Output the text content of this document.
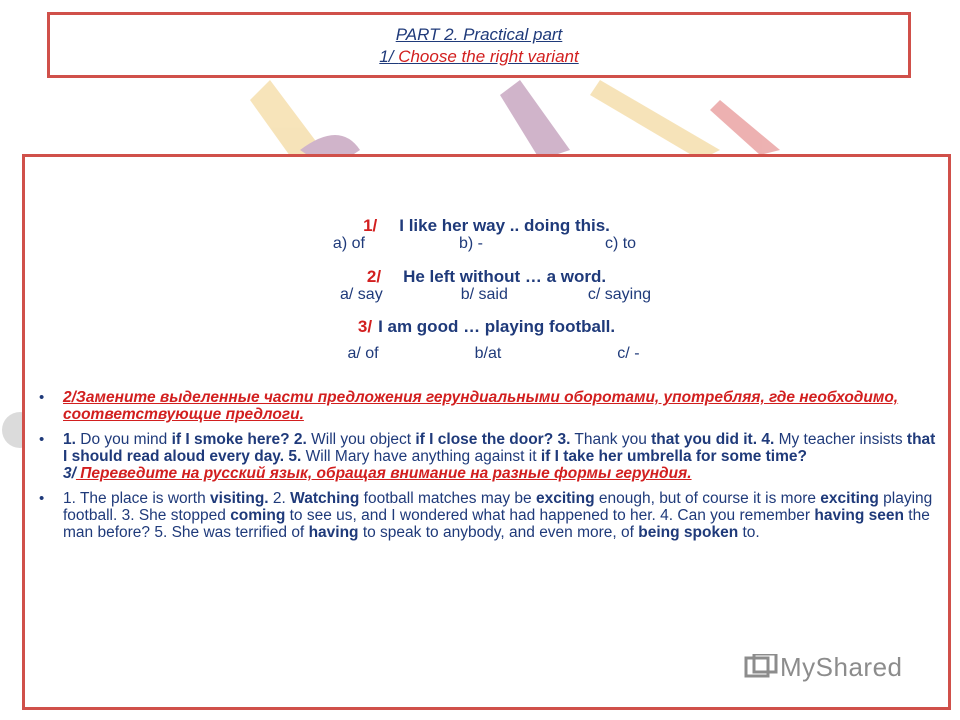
PART 2. Practical part
1/ Choose the right variant
1/ I like her way .. doing this.
a) of	b) -	c) to
2/ He left without … a word.
a/ say	b/ said	c/ saying
3/ I am good … playing football.
a/ of	b/at	c/ -
• 2/Замените выделенные части предложения герундиальными оборотами, употребляя, где необходимо, соответствующие предлоги.
• 1. Do you mind if I smoke here? 2. Will you object if I close the door? 3. Thank you that you did it. 4. My teacher insists that I should read aloud every day. 5. Will Mary have anything against it if I take her umbrella for some time?
3/ Переведите на русский язык, обращая внимание на разные формы герундия.
• 1. The place is worth visiting. 2. Watching football matches may be exciting enough, but of course it is more exciting playing football. 3. She stopped coming to see us, and I wondered what had happened to her. 4. Can you remember having seen the man before? 5. She was terrified of having to speak to anybody, and even more, of being spoken to.
MyShared
